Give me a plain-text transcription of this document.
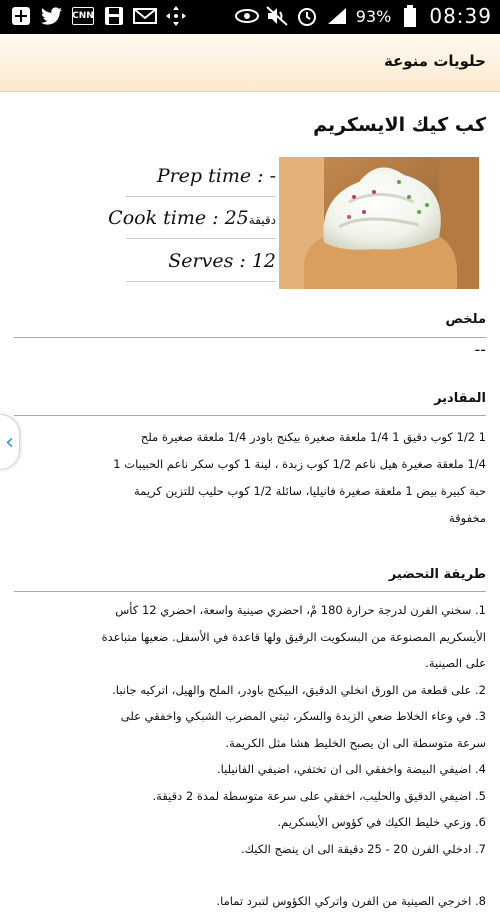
CNN	93% 08:39
حلويات منوعة
كب كيك الايسكريم
Prep time : -
Cook time : 25دقيقة
Serves : 12
ملخص
--
المقادير
1 1/2 كوب دقيق 1 1/4 ملعقة صغيرة بيكنج باودر 1/4 ملعقة صغيرة ملح
1/4 ملعقة صغيرة هيل ناعم 1/2 كوب زبدة ، لينة 1 كوب سكر ناعم الحبيبات 1
حبة كبيرة بيض 1 ملعقة صغيرة فانيليا، سائلة 1/2 كوب حليب للتزين كريمة
مخفوقة
طريقة التحضير
1. سخني الفرن لدرجة حرارة 180 مْ، احضري صينية واسعة، احضري 12 كأس
الأيسكريم المصنوعة من البسكويت الرقيق ولها قاعدة في الأسفل. ضعيها متباعدة
على الصينية.
2. على قطعة من الورق انخلي الدقيق، البيكنج باودر، الملح والهيل، اتركيه جانبا.
3. في وعاء الخلاط ضعي الزبدة والسكر، ثبتي المضرب الشبكي واخفقي على
سرعة متوسطة الى ان يصبح الخليط هشا مثل الكريمة.
4. اضيفي البيضة واخفقي الى ان تختفي، اضيفي الفانيليا.
5. اضيفي الدقيق والحليب، اخفقي على سرعة متوسطة لمدة 2 دقيقة.
6. وزعي خليط الكيك في كؤوس الأيسكريم.
7. ادخلي الفرن 20 - 25 دقيقة الى ان ينضج الكيك.
8. اخرجي الصينية من الفرن واتركي الكؤوس لتبرد تماما.
‹
